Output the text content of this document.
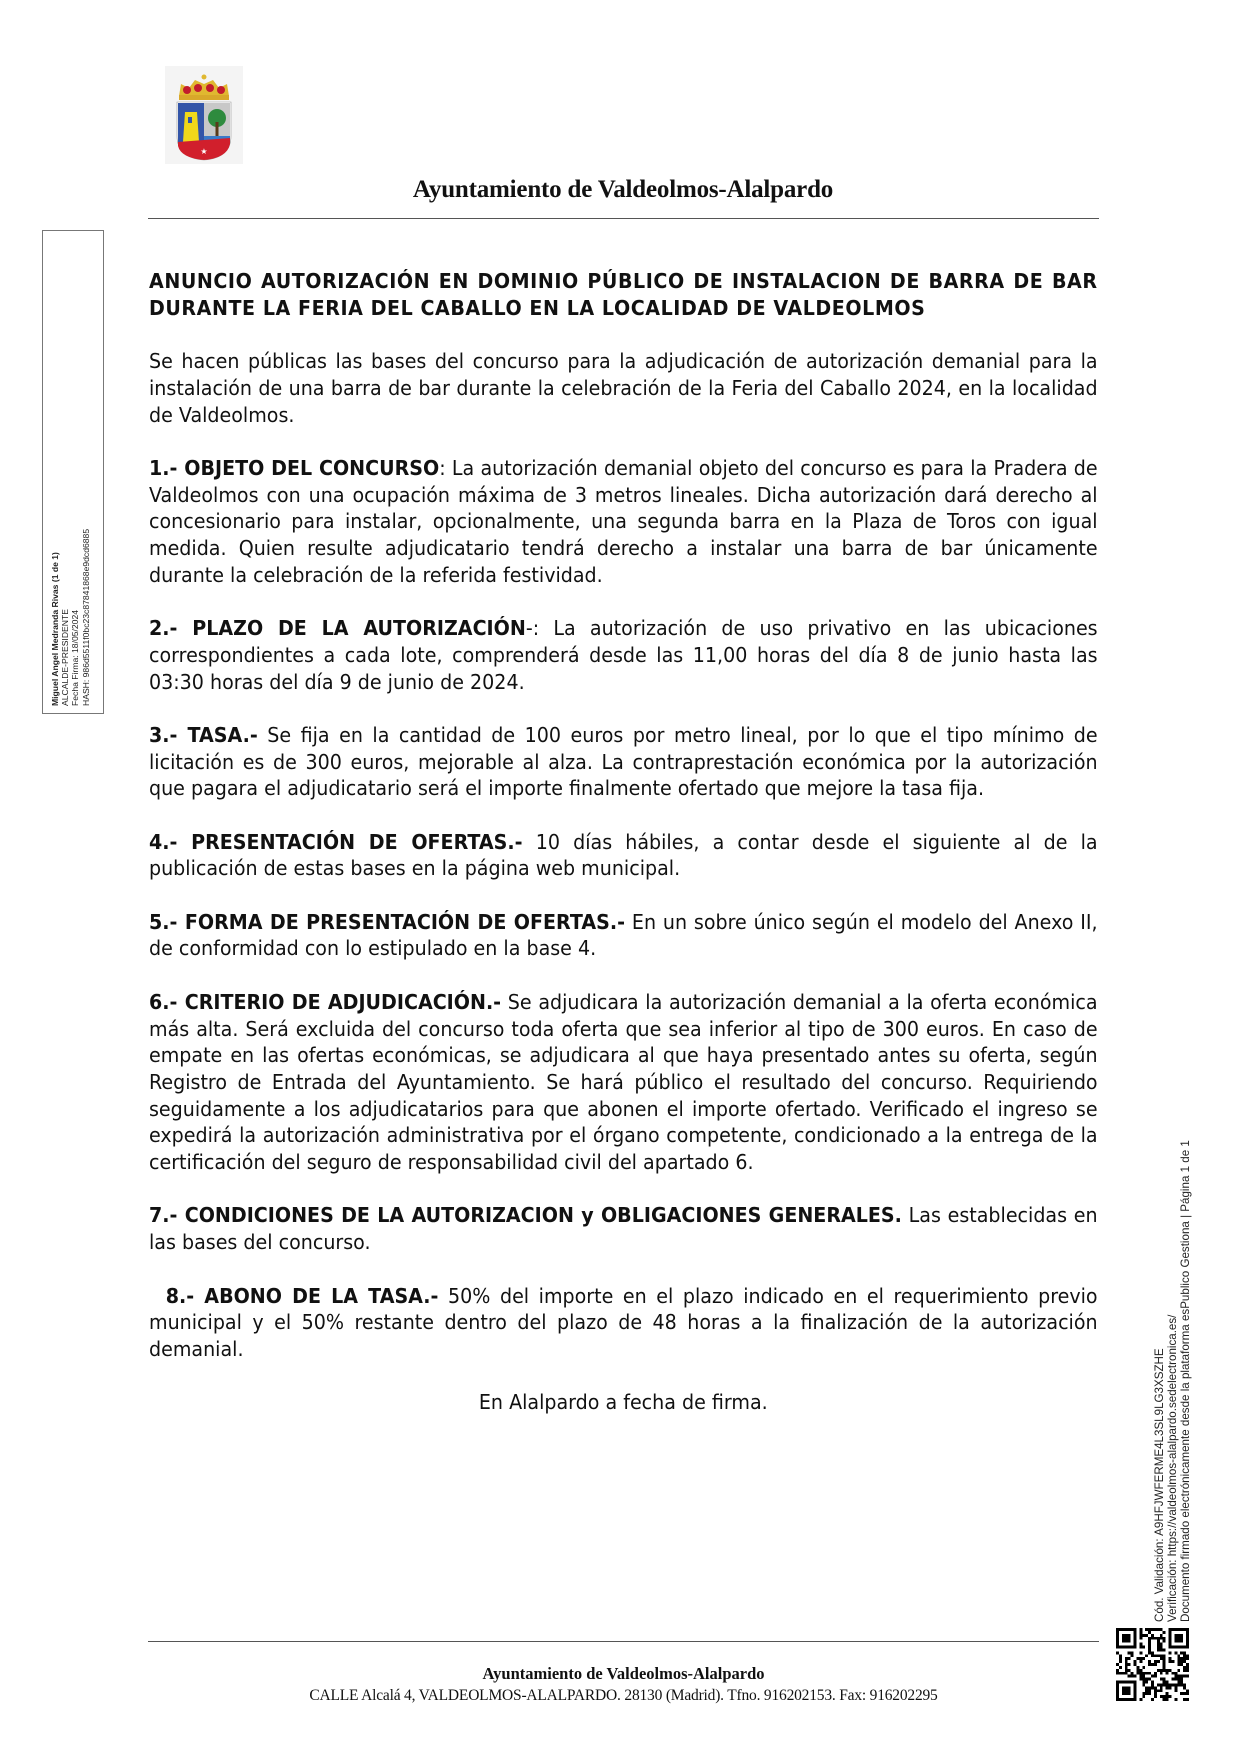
★
Ayuntamiento de Valdeolmos-Alalpardo

ANUNCIO AUTORIZACIÓN EN DOMINIO PÚBLICO DE INSTALACION DE BARRA DE BAR DURANTE LA FERIA DEL CABALLO EN LA LOCALIDAD DE VALDEOLMOS

Se hacen públicas las bases del concurso para la adjudicación de autorización demanial para la instalación de una barra de bar durante la celebración de la Feria del Caballo 2024, en la localidad de Valdeolmos.

1.- OBJETO DEL CONCURSO: La autorización demanial objeto del concurso es para la Pradera de Valdeolmos con una ocupación máxima de 3 metros lineales. Dicha autorización dará derecho al concesionario para instalar, opcionalmente, una segunda barra en la Plaza de Toros con igual medida. Quien resulte adjudicatario tendrá derecho a instalar una barra de bar únicamente durante la celebración de la referida festividad.

2.- PLAZO DE LA AUTORIZACIÓN-: La autorización de uso privativo en las ubicaciones correspondientes a cada lote, comprenderá desde las 11,00 horas del día 8 de junio hasta las 03:30 horas del día 9 de junio de 2024.

3.- TASA.- Se fija en la cantidad de 100 euros por metro lineal, por lo que el tipo mínimo de licitación es de 300 euros, mejorable al alza. La contraprestación económica por la autorización que pagara el adjudicatario será el importe finalmente ofertado que mejore la tasa fija.

4.- PRESENTACIÓN DE OFERTAS.- 10 días hábiles, a contar desde el siguiente al de la publicación de estas bases en la página web municipal.

5.- FORMA DE PRESENTACIÓN DE OFERTAS.- En un sobre único según el modelo del Anexo II, de conformidad con lo estipulado en la base 4.

6.- CRITERIO DE ADJUDICACIÓN.- Se adjudicara la autorización demanial a la oferta económica más alta. Será excluida del concurso toda oferta que sea inferior al tipo de 300 euros. En caso de empate en las ofertas económicas, se adjudicara al que haya presentado antes su oferta, según Registro de Entrada del Ayuntamiento. Se hará público el resultado del concurso. Requiriendo seguidamente a los adjudicatarios para que abonen el importe ofertado. Verificado el ingreso se expedirá la autorización administrativa por el órgano competente, condicionado a la entrega de la certificación del seguro de responsabilidad civil del apartado 6.

7.- CONDICIONES DE LA AUTORIZACION y OBLIGACIONES GENERALES. Las establecidas en las bases del concurso.

8.- ABONO DE LA TASA.- 50% del importe en el plazo indicado en el requerimiento previo municipal y el 50% restante dentro del plazo de 48 horas a la finalización de la autorización demanial.

En Alalpardo a fecha de firma.

Ayuntamiento de Valdeolmos-Alalpardo
CALLE Alcalá 4, VALDEOLMOS-ALALPARDO. 28130 (Madrid). Tfno. 916202153. Fax: 916202295
Miguel Angel Medranda Rivas (1 de 1) ALCALDE-PRESIDENTE Fecha Firma: 18/05/2024 HASH: 986d5511f0bc23c87841868e9dcd6885
Cód. Validación: A9HFJWFERME4L3SL9LG3XSZHE Verificación: https://valdeolmos-alalpardo.sedelectronica.es/ Documento firmado electrónicamente desde la plataforma esPublico Gestiona | Página 1 de 1
